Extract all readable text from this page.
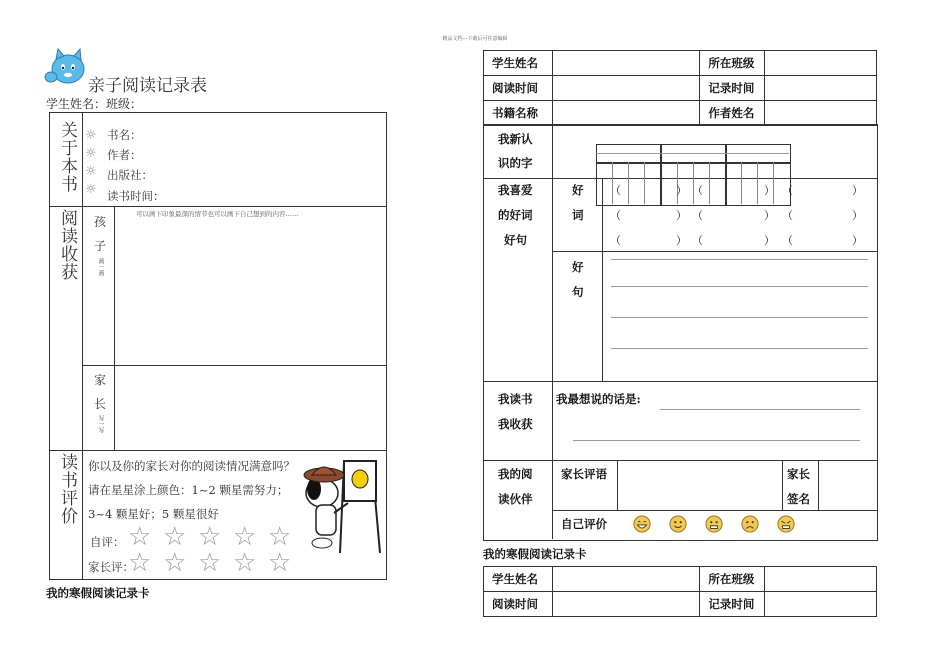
精品文档---下载后可任意编辑
亲子阅读记录表
学生姓名：班级：
关于本书 ☼
☼
☼
☼
书名：
作者：
出版社：
读书时间：
阅读收获 孩
子
画一画
可以画下印象最深的情节也可以画下自己想到的内容……
家
长
写一写
读书评价 你以及你的家长对你的阅读情况满意吗？请在星星涂上颜色：1~2 颗星需努力；3~4 颗星好；5 颗星很好
自评：
家长评：
☆ ☆ ☆ ☆ ☆
☆ ☆ ☆ ☆ ☆
我的寒假阅读记录卡
学生姓名		所在班级	
阅读时间		记录时间	
书籍名称		作者姓名	
我新认
识的字
我喜爱
的好词
好句
好
词
（	） （	） （	）
（	） （	） （	）
（	） （	） （	）
好
句
我读书
我收获
我最想说的话是:
我的阅
读伙伴
家长评语	家长
签名
自己评价
我的寒假阅读记录卡
学生姓名		所在班级	
阅读时间		记录时间	
